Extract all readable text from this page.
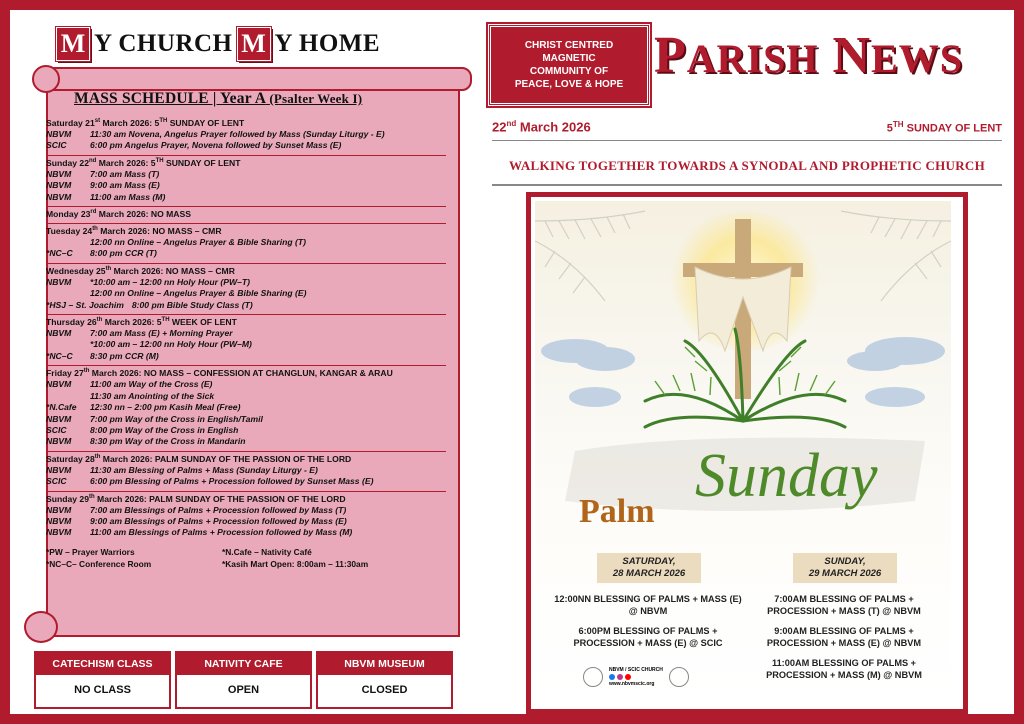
M Y CHURCH M Y HOME
MASS SCHEDULE | Year A (Psalter Week I)
Saturday 21st March 2026: 5TH SUNDAY OF LENT
NBVM	11:30 am Novena, Angelus Prayer followed by Mass (Sunday Liturgy - E)
SCIC	6:00 pm Angelus Prayer, Novena followed by Sunset Mass (E)
Sunday 22nd March 2026: 5TH SUNDAY OF LENT
NBVM	7:00 am Mass (T)
NBVM	9:00 am Mass (E)
NBVM	11:00 am Mass (M)
Monday 23rd March 2026: NO MASS
Tuesday 24th March 2026: NO MASS – CMR
12:00 nn Online – Angelus Prayer & Bible Sharing (T)
*NC–C	8:00 pm CCR (T)
Wednesday 25th March 2026: NO MASS – CMR
NBVM	*10:00 am – 12:00 nn Holy Hour (PW–T)
12:00 nn Online – Angelus Prayer & Bible Sharing (E)
*HSJ – St. Joachim 8:00 pm Bible Study Class (T)
Thursday 26th March 2026: 5TH WEEK OF LENT
NBVM	7:00 am Mass (E) + Morning Prayer
*10:00 am – 12:00 nn Holy Hour (PW–M)
*NC–C	8:30 pm CCR (M)
Friday 27th March 2026: NO MASS – CONFESSION AT CHANGLUN, KANGAR & ARAU
NBVM	11:00 am Way of the Cross (E)
11:30 am Anointing of the Sick
*N.Cafe	12:30 nn – 2:00 pm Kasih Meal (Free)
NBVM	7:00 pm Way of the Cross in English/Tamil
SCIC	8:00 pm Way of the Cross in English
NBVM	8:30 pm Way of the Cross in Mandarin
Saturday 28th March 2026: PALM SUNDAY OF THE PASSION OF THE LORD
NBVM	11:30 am Blessing of Palms + Mass (Sunday Liturgy - E)
SCIC	6:00 pm Blessing of Palms + Procession followed by Sunset Mass (E)
Sunday 29th March 2026: PALM SUNDAY OF THE PASSION OF THE LORD
NBVM	7:00 am Blessings of Palms + Procession followed by Mass (T)
NBVM	9:00 am Blessings of Palms + Procession followed by Mass (E)
NBVM	11:00 am Blessings of Palms + Procession followed by Mass (M)
*PW – Prayer Warriors	*N.Cafe – Nativity Café
*NC–C– Conference Room	*Kasih Mart Open: 8:00am – 11:30am
CATECHISM CLASS
NO CLASS
NATIVITY CAFE
OPEN
NBVM MUSEUM
CLOSED
CHRIST CENTRED
MAGNETIC
COMMUNITY OF
PEACE, LOVE & HOPE
PARISH NEWS
22nd March 2026	5TH SUNDAY OF LENT
WALKING TOGETHER TOWARDS A SYNODAL AND PROPHETIC CHURCH
Sunday
Palm
SATURDAY,
28 MARCH 2026
SUNDAY,
29 MARCH 2026

12:00NN BLESSING OF PALMS + MASS (E) @ NBVM

6:00PM BLESSING OF PALMS + PROCESSION + MASS (E) @ SCIC

7:00AM BLESSING OF PALMS + PROCESSION + MASS (T) @ NBVM

9:00AM BLESSING OF PALMS + PROCESSION + MASS (E) @ NBVM

11:00AM BLESSING OF PALMS + PROCESSION + MASS (M) @ NBVM

NBVM / SCIC CHURCH
www.nbvmscic.org
